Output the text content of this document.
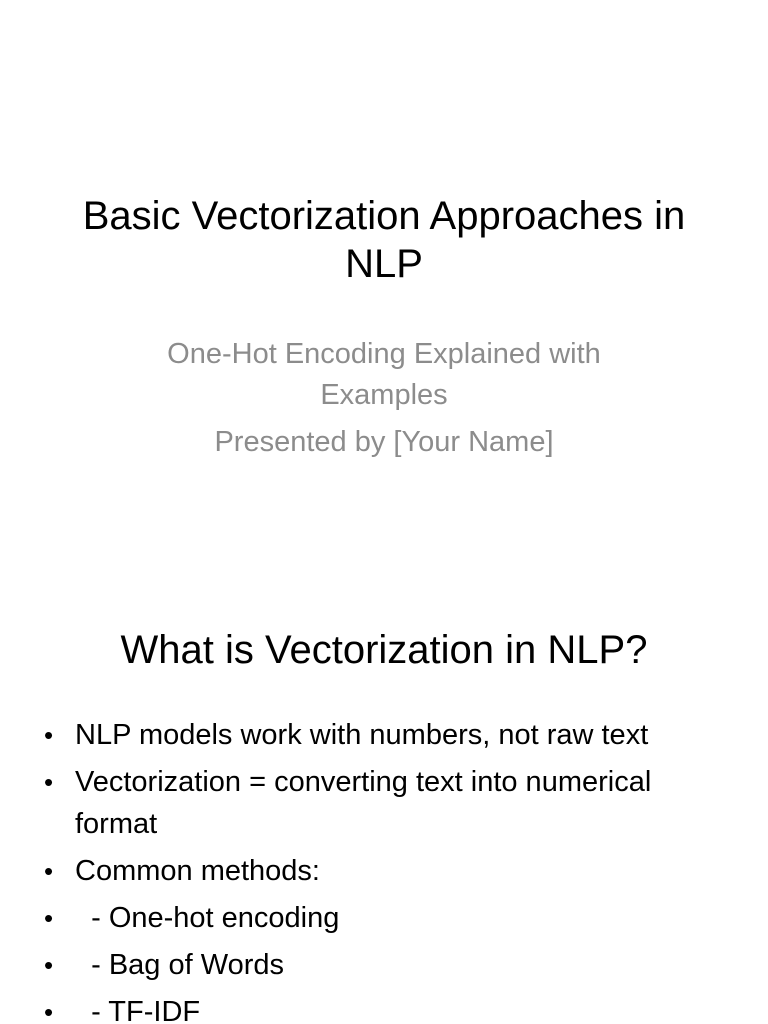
Basic Vectorization Approaches in NLP

One-Hot Encoding Explained with Examples

Presented by [Your Name]

What is Vectorization in NLP?
• NLP models work with numbers, not raw text
• Vectorization = converting text into numerical format
• Common methods:
• - One-hot encoding
• - Bag of Words
• - TF-IDF
